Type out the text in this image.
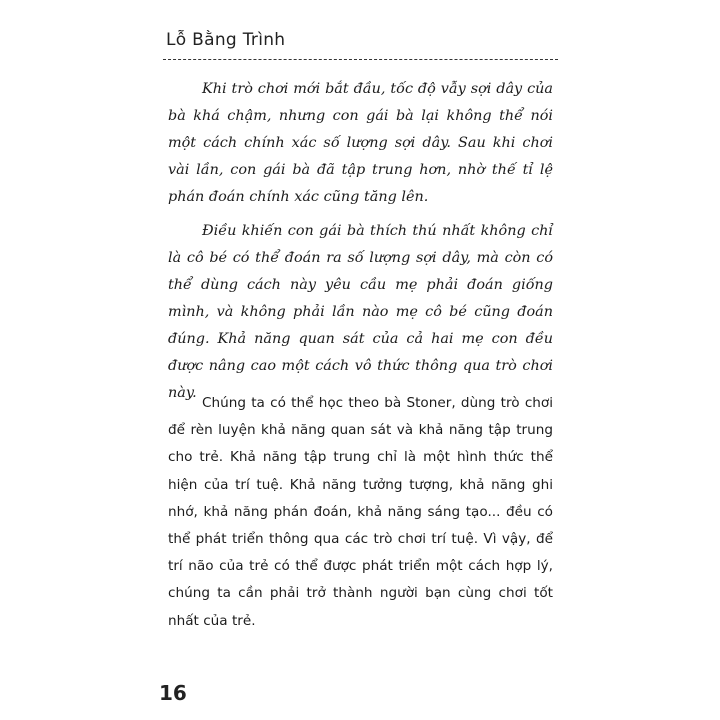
Lỗ Bằng Trình

Khi trò chơi mới bắt đầu, tốc độ vẫy sợi dây của bà khá chậm, nhưng con gái bà lại không thể nói một cách chính xác số lượng sợi dây. Sau khi chơi vài lần, con gái bà đã tập trung hơn, nhờ thế tỉ lệ phán đoán chính xác cũng tăng lên.

Điều khiến con gái bà thích thú nhất không chỉ là cô bé có thể đoán ra số lượng sợi dây, mà còn có thể dùng cách này yêu cầu mẹ phải đoán giống mình, và không phải lần nào mẹ cô bé cũng đoán đúng. Khả năng quan sát của cả hai mẹ con đều được nâng cao một cách vô thức thông qua trò chơi này.

Chúng ta có thể học theo bà Stoner, dùng trò chơi để rèn luyện khả năng quan sát và khả năng tập trung cho trẻ. Khả năng tập trung chỉ là một hình thức thể hiện của trí tuệ. Khả năng tưởng tượng, khả năng ghi nhớ, khả năng phán đoán, khả năng sáng tạo... đều có thể phát triển thông qua các trò chơi trí tuệ. Vì vậy, để trí não của trẻ có thể được phát triển một cách hợp lý, chúng ta cần phải trở thành người bạn cùng chơi tốt nhất của trẻ.

16
